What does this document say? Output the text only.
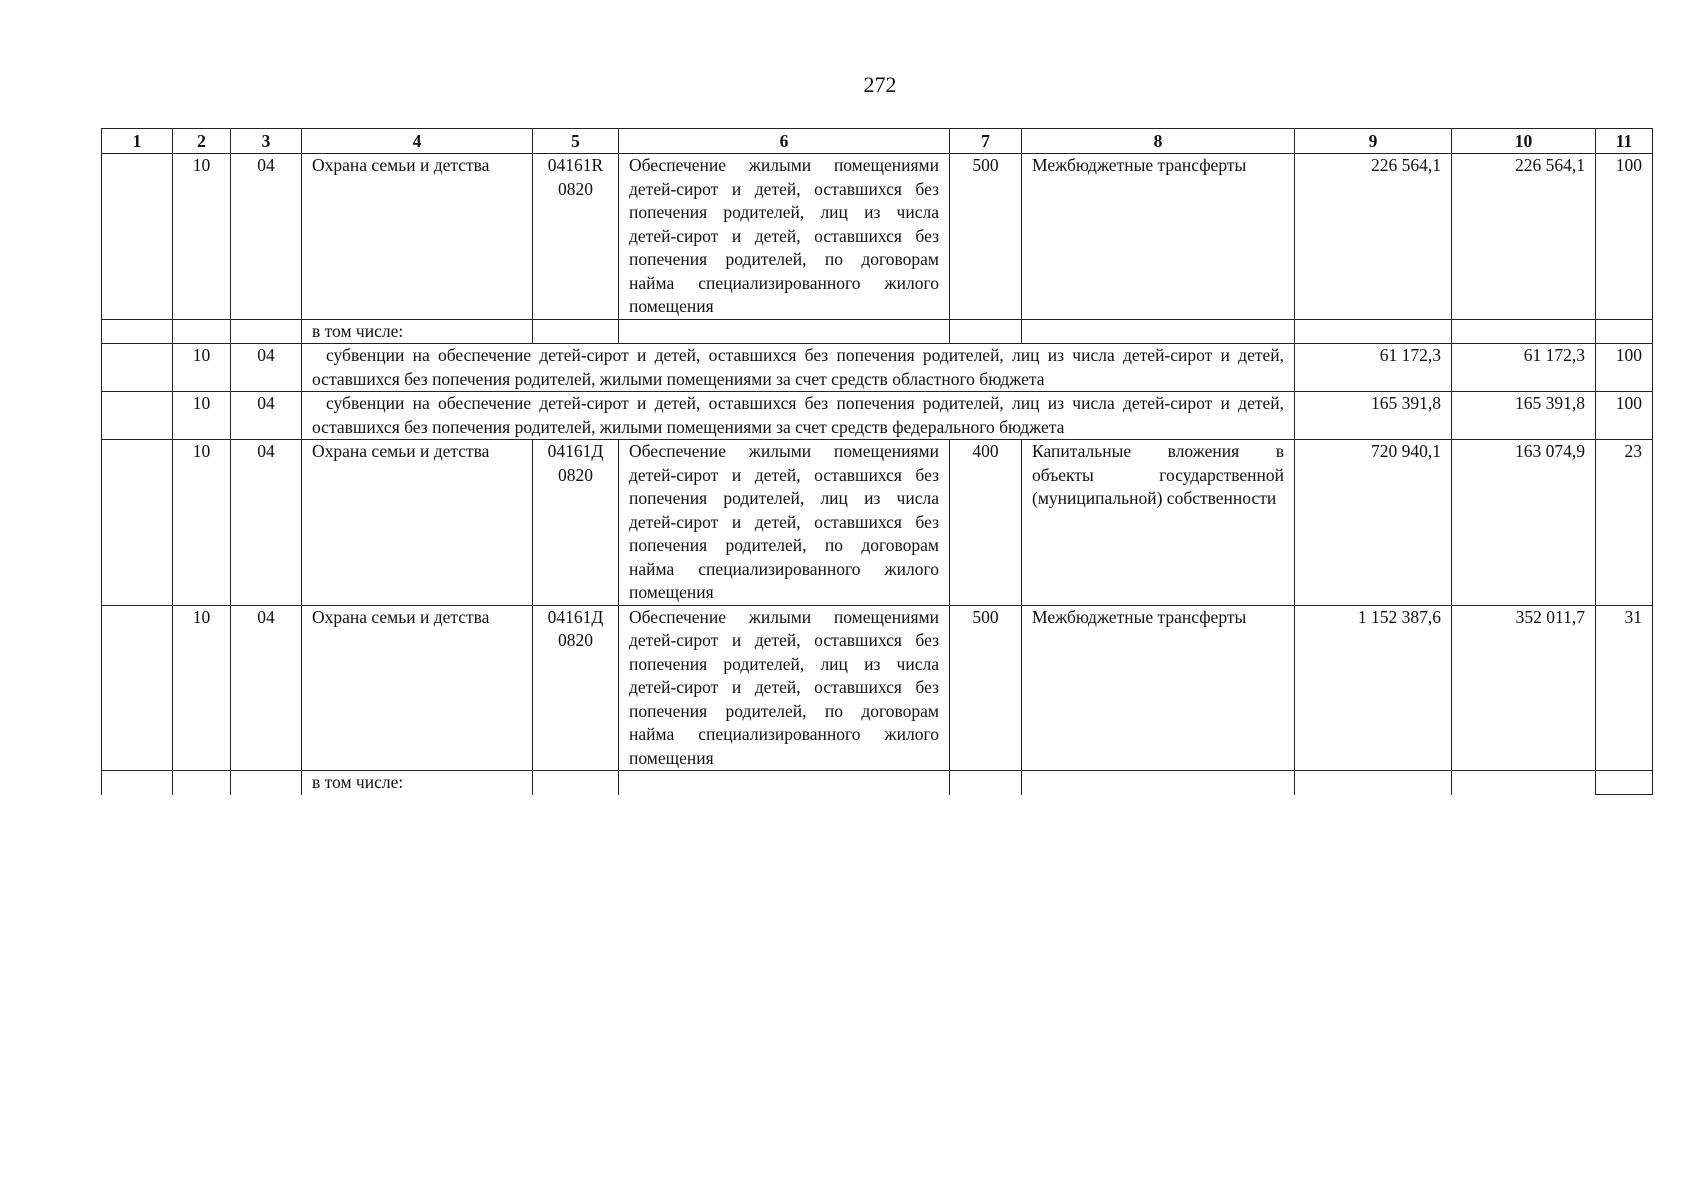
272
1	2	3	4	5	6	7	8	9	10	11
	10	04	Охрана семьи и детства	04161R 0820	Обеспечение жилыми помещениями детей-сирот и детей, оставшихся без попечения родителей, лиц из числа детей-сирот и детей, оставшихся без попечения родителей, по договорам найма специализированного жилого помещения	500	Межбюджетные трансферты	226 564,1	226 564,1	100
			в том числе:							
	10	04	субвенции на обеспечение детей-сирот и детей, оставшихся без попечения родителей, лиц из числа детей-сирот и детей, оставшихся без попечения родителей, жилыми помещениями за счет средств областного бюджета					61 172,3	61 172,3	100
	10	04	субвенции на обеспечение детей-сирот и детей, оставшихся без попечения родителей, лиц из числа детей-сирот и детей, оставшихся без попечения родителей, жилыми помещениями за счет средств федерального бюджета					165 391,8	165 391,8	100
	10	04	Охрана семьи и детства	04161Д 0820	Обеспечение жилыми помещениями детей-сирот и детей, оставшихся без попечения родителей, лиц из числа детей-сирот и детей, оставшихся без попечения родителей, по договорам найма специализированного жилого помещения	400	Капитальные вложения в объекты государственной (муниципальной) собственности	720 940,1	163 074,9	23
	10	04	Охрана семьи и детства	04161Д 0820	Обеспечение жилыми помещениями детей-сирот и детей, оставшихся без попечения родителей, лиц из числа детей-сирот и детей, оставшихся без попечения родителей, по договорам найма специализированного жилого помещения	500	Межбюджетные трансферты	1 152 387,6	352 011,7	31
			в том числе:							
